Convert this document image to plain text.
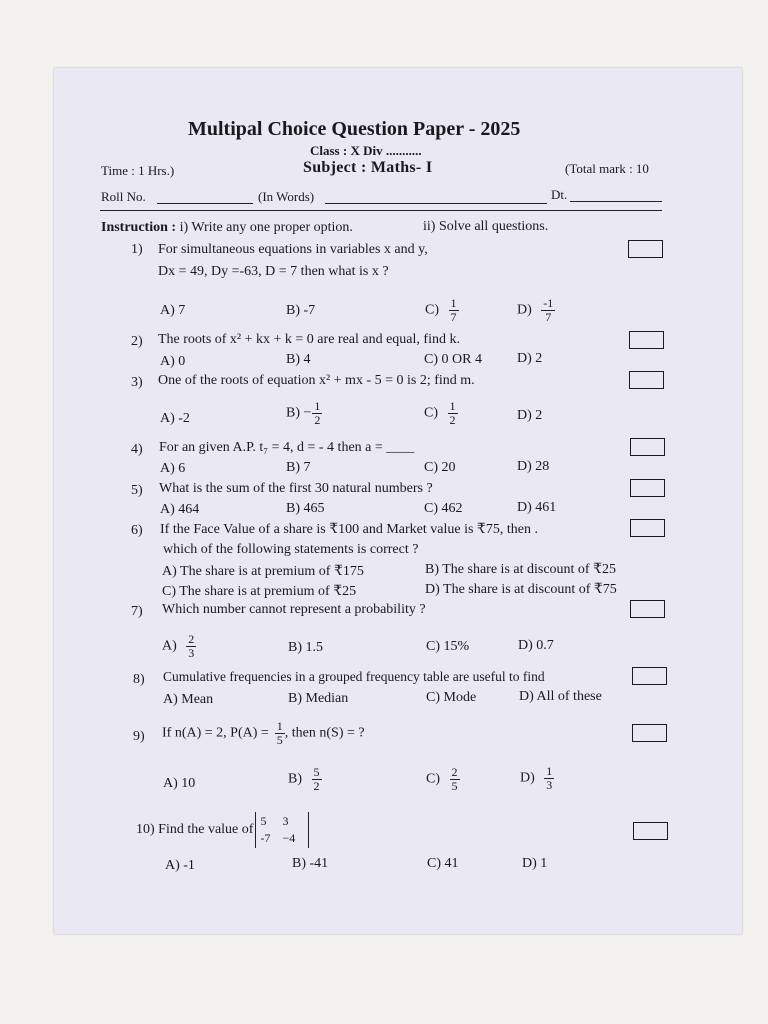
Multipal Choice Question Paper - 2025
Class : X Div ...........
Time : 1 Hrs.)	Subject : Maths- I	(Total mark : 10
Roll No.	(In Words)	Dt.
Instruction : i) Write any one proper option.	ii) Solve all questions.
1) For simultaneous equations in variables x and y,
Dx = 49, Dy =-63, D = 7 then what is x ?
A) 7	B) -7	$C) \frac{1}{7}$	$D) \frac{-1}{7}$
2) The roots of x² + kx + k = 0 are real and equal, find k.
A) 0	B) 4	C) 0 OR 4	D) 2
3) One of the roots of equation x² + mx - 5 = 0 is 2; find m.
A) -2	$B) - \frac{1}{2}$	$C) \frac{1}{2}$	D) 2
4) For an given A.P. t₇ = 4, d = - 4 then a = ____
A) 6	B) 7	C) 20	D) 28
5) What is the sum of the first 30 natural numbers ?
A) 464	B) 465	C) 462	D) 461
6) If the Face Value of a share is ₹100 and Market value is ₹75, then .
which of the following statements is correct ?
A) The share is at premium of ₹175	B) The share is at discount of ₹25
C) The share is at premium of ₹25	D) The share is at discount of ₹75
7) Which number cannot represent a probability ?
$A) \frac{2}{3}$	B) 1.5	C) 15%	D) 0.7
8) Cumulative frequencies in a grouped frequency table are useful to find
A) Mean	B) Median	C) Mode	D) All of these
9) If n(A) = 2, $P(A) = \frac{1}{5}$ , then n(S) = ?
A) 10	$B) \frac{5}{2}$	$C) \frac{2}{5}$	$D) \frac{1}{3}$
10) Find the value of5 3
-7 −4
A) -1	B) -41	C) 41	D) 1
